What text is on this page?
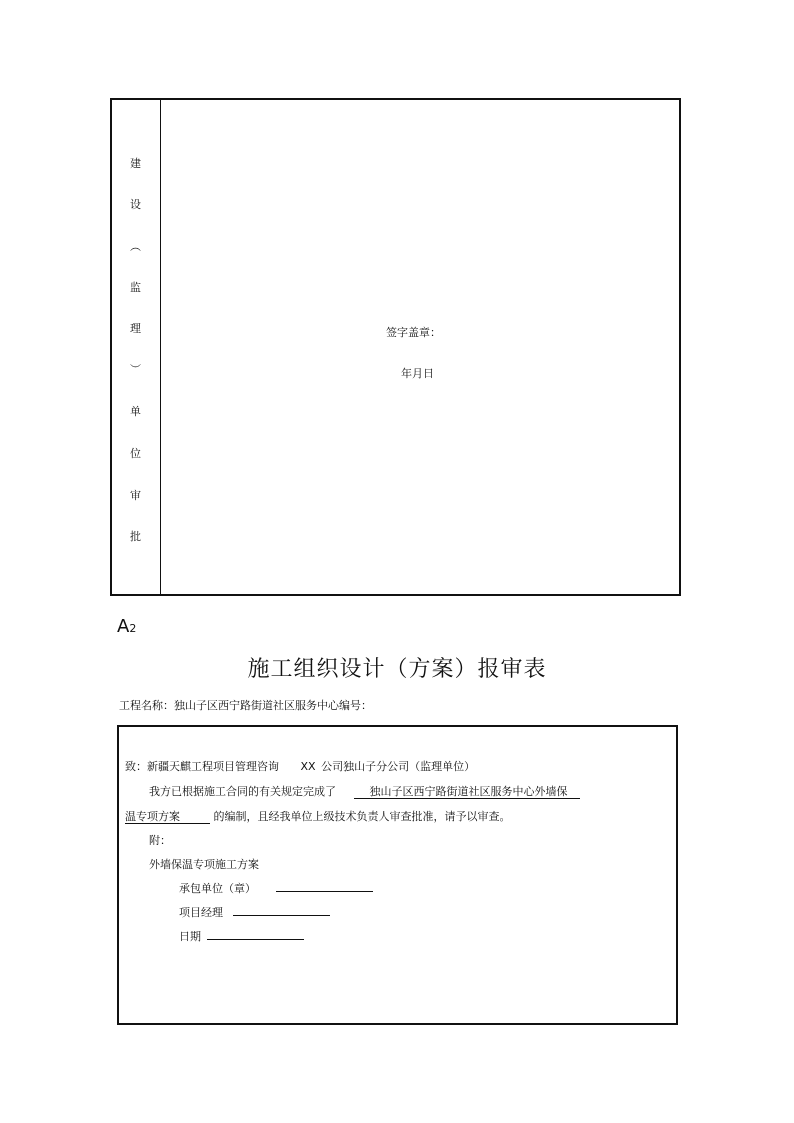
建
设
︵
监
理
︶
单
位
审
批
签字盖章：
年月日
A2
施工组织设计（方案）报审表
工程名称：独山子区西宁路街道社区服务中心编号：
致：新疆天麒工程项目管理咨询 XX 公司独山子分公司（监理单位）
我方已根据施工合同的有关规定完成了	独山子区西宁路街道社区服务中心外墙保
温专项方案	的编制，且经我单位上级技术负责人审查批准，请予以审查。
附：
外墙保温专项施工方案
承包单位（章）
项目经理
日期
